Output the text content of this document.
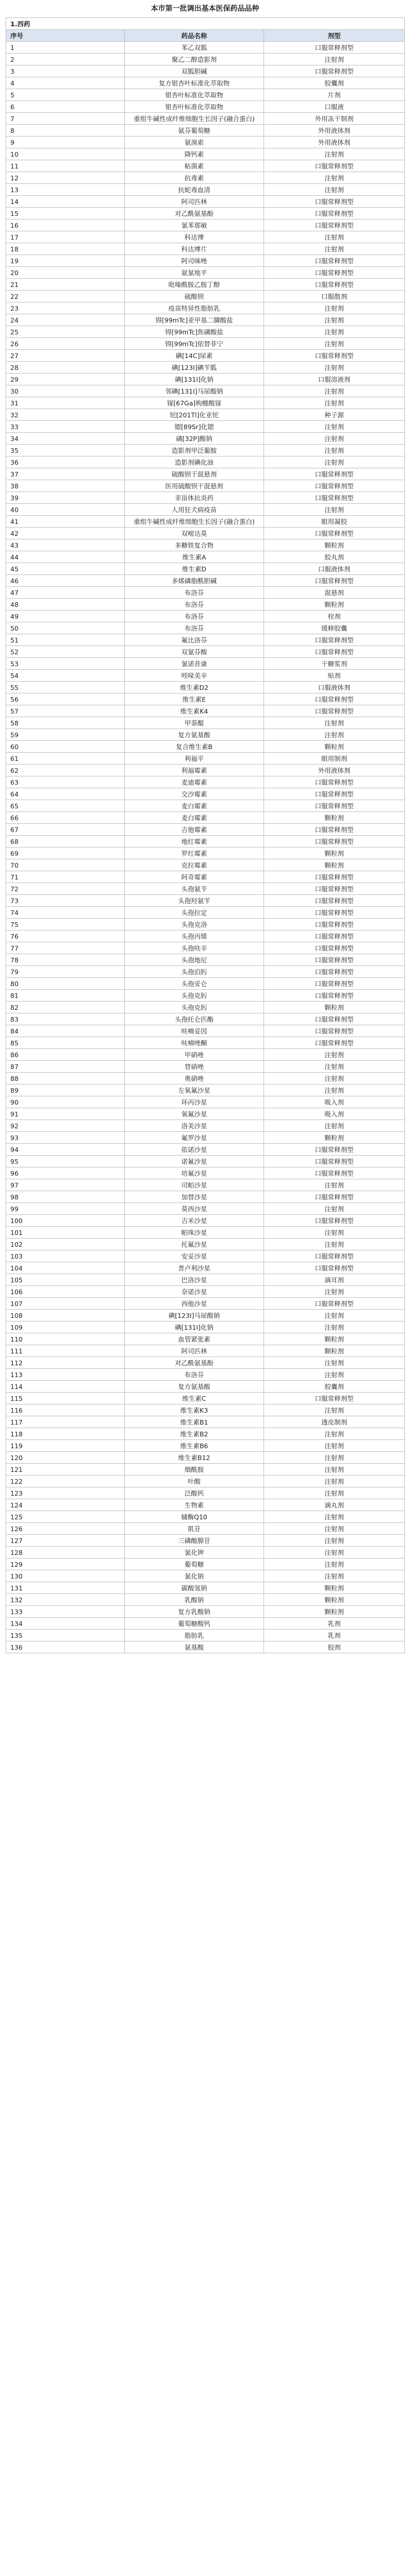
本市第一批调出基本医保药品品种
1.西药		
序号	药品名称	剂型
1	苯乙双胍	口服常释剂型
2	聚乙二醇造影剂	注射剂
3	双胍胆碱	口服常释剂型
4	复方银杏叶标准化萃取物	胶囊剂
5	银杏叶标准化萃取物	片剂
6	银杏叶标准化萃取物	口服液
7	重组牛碱性成纤维细胞生长因子(融合蛋白)	外用冻干制剂
8	氨芬葡萄糖	外用液体剂
9	氨溴索	外用液体剂
10	降钙素	注射剂
11	粘菌素	口服常释剂型
12	抗毒素	注射剂
13	抗蛇毒血清	注射剂
14	阿司匹林	口服常释剂型
15	对乙酰氨基酚	口服常释剂型
16	氯苯那敏	口服常释剂型
17	科达博	注射剂
18	科达博片	注射剂
19	阿司咪唑	口服常释剂型
20	氨氯地平	口服常释剂型
21	吡嗪酰胺乙胺丁醇	口服常释剂型
22	硫酸钡	口服散剂
23	疫苗特异性脂肪乳	注射剂
24	锝[99mTc]亚甲基二膦酸盐	注射剂
25	锝[99mTc]焦磷酸盐	注射剂
26	锝[99mTc]依替菲宁	注射剂
27	碘[14C]尿素	口服常释剂型
28	碘[123I]碘苄胍	注射剂
29	碘[131I]化钠	口服溶液剂
30	邻碘[131I]马尿酸钠	注射剂
31	镓[67Ga]枸橼酸镓	注射剂
32	铊[201Tl]化亚铊	种子源
33	锶[89Sr]化锶	注射剂
34	磷[32P]酸钠	注射剂
35	造影剂甲泛葡胺	注射剂
36	造影剂碘化油	注射剂
37	硫酸钡干混悬剂	口服常释剂型
38	医用硫酸钡干混悬剂	口服常释剂型
39	非甾体抗炎药	口服常释剂型
40	人用狂犬病疫苗	注射剂
41	重组牛碱性成纤维细胞生长因子(融合蛋白)	眼用凝胶
42	双嘧达莫	口服常释剂型
43	多糖铁复合物	颗粒剂
44	维生素A	胶丸剂
45	维生素D	口服液体剂
46	多烯磷脂酰胆碱	口服常释剂型
47	布洛芬	混悬剂
48	布洛芬	颗粒剂
49	布洛芬	栓剂
50	布洛芬	缓释胶囊
51	氟比洛芬	口服常释剂型
52	双氯芬酸	口服常释剂型
53	氯诺昔康	干糖浆剂
54	吲哚美辛	贴剂
55	维生素D2	口服液体剂
56	维生素E	口服常释剂型
57	维生素K4	口服常释剂型
58	甲萘醌	注射剂
59	复方氨基酸	注射剂
60	复合维生素B	颗粒剂
61	利福平	眼用制剂
62	利福霉素	外用液体剂
63	麦迪霉素	口服常释剂型
64	交沙霉素	口服常释剂型
65	麦白霉素	口服常释剂型
66	麦白霉素	颗粒剂
67	吉他霉素	口服常释剂型
68	地红霉素	口服常释剂型
69	罗红霉素	颗粒剂
70	克拉霉素	颗粒剂
71	阿奇霉素	口服常释剂型
72	头孢氨苄	口服常释剂型
73	头孢羟氨苄	口服常释剂型
74	头孢拉定	口服常释剂型
75	头孢克洛	口服常释剂型
76	头孢丙烯	口服常释剂型
77	头孢呋辛	口服常释剂型
78	头孢地尼	口服常释剂型
79	头孢泊肟	口服常释剂型
80	头孢妥仑	口服常释剂型
81	头孢克肟	口服常释剂型
82	头孢克肟	颗粒剂
83	头孢托仑匹酯	口服常释剂型
84	呋喃妥因	口服常释剂型
85	呋喃唑酮	口服常释剂型
86	甲硝唑	注射剂
87	替硝唑	注射剂
88	奥硝唑	注射剂
89	左氧氟沙星	注射剂
90	环丙沙星	吸入剂
91	氧氟沙星	吸入剂
92	洛美沙星	注射剂
93	氟罗沙星	颗粒剂
94	依诺沙星	口服常释剂型
95	诺氟沙星	口服常释剂型
96	培氟沙星	口服常释剂型
97	司帕沙星	注射剂
98	加替沙星	口服常释剂型
99	莫西沙星	注射剂
100	吉米沙星	口服常释剂型
101	帕珠沙星	注射剂
102	托氟沙星	注射剂
103	安妥沙星	口服常释剂型
104	普卢利沙星	口服常释剂型
105	巴洛沙星	滴耳剂
106	奈诺沙星	注射剂
107	西他沙星	口服常释剂型
108	碘[123I]马尿酸钠	注射剂
109	碘[131I]化钠	注射剂
110	血管紧张素	颗粒剂
111	阿司匹林	颗粒剂
112	对乙酰氨基酚	注射剂
113	布洛芬	注射剂
114	复方氨基酸	胶囊剂
115	维生素C	口服常释剂型
116	维生素K3	注射剂
117	维生素B1	透皮制剂
118	维生素B2	注射剂
119	维生素B6	注射剂
120	维生素B12	注射剂
121	烟酰胺	注射剂
122	叶酸	注射剂
123	泛酸钙	注射剂
124	生物素	滴丸剂
125	辅酶Q10	注射剂
126	肌苷	注射剂
127	三磷酸腺苷	注射剂
128	氯化钾	注射剂
129	葡萄糖	注射剂
130	氯化钠	注射剂
131	碳酸氢钠	颗粒剂
132	乳酸钠	颗粒剂
133	复方乳酸钠	颗粒剂
134	葡萄糖酸钙	乳剂
135	脂肪乳	乳剂
136	氨基酸	胶剂
